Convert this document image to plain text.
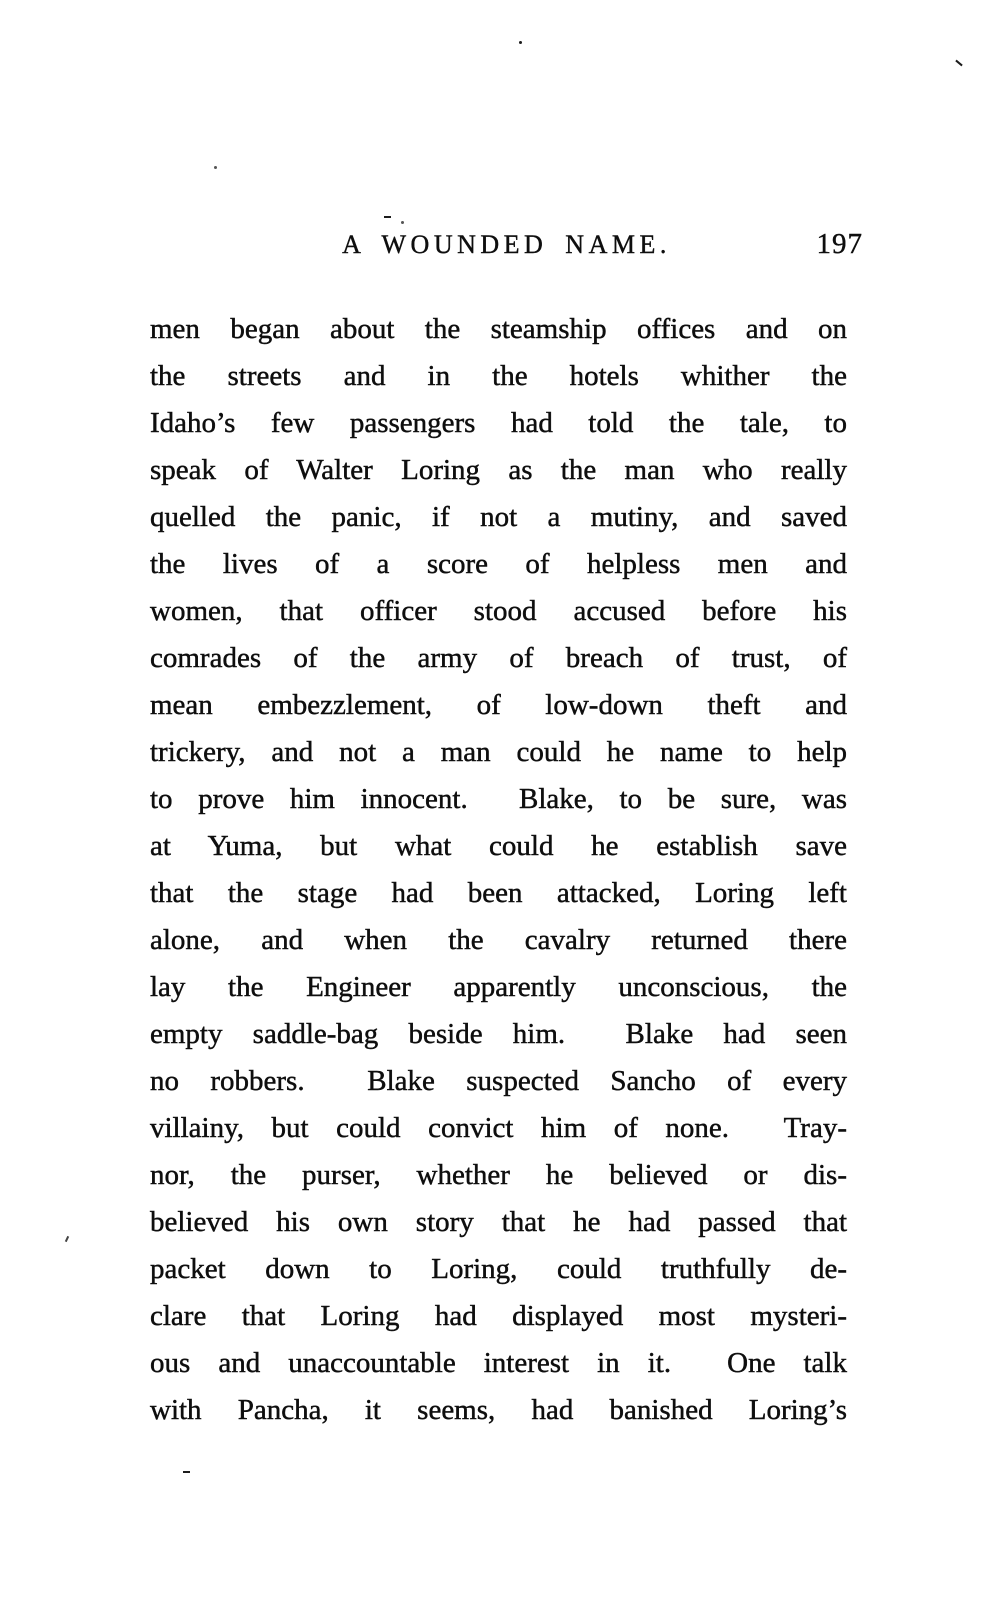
A WOUNDED NAME.	197
men began about the steamship offices and on
the streets and in the hotels whither the
Idaho’s few passengers had told the tale, to
speak of Walter Loring as the man who really
quelled the panic, if not a mutiny, and saved
the lives of a score of helpless men and
women, that officer stood accused before his
comrades of the army of breach of trust, of
mean embezzlement, of low-down theft and
trickery, and not a man could he name to help
to prove him innocent.  Blake, to be sure, was
at Yuma, but what could he establish save
that the stage had been attacked, Loring left
alone, and when the cavalry returned there
lay the Engineer apparently unconscious, the
empty saddle-bag beside him.  Blake had seen
no robbers.  Blake suspected Sancho of every
villainy, but could convict him of none.  Tray-
nor, the purser, whether he believed or dis-
believed his own story that he had passed that
packet down to Loring, could truthfully de-
clare that Loring had displayed most mysteri-
ous and unaccountable interest in it.  One talk
with Pancha, it seems, had banished Loring’s
